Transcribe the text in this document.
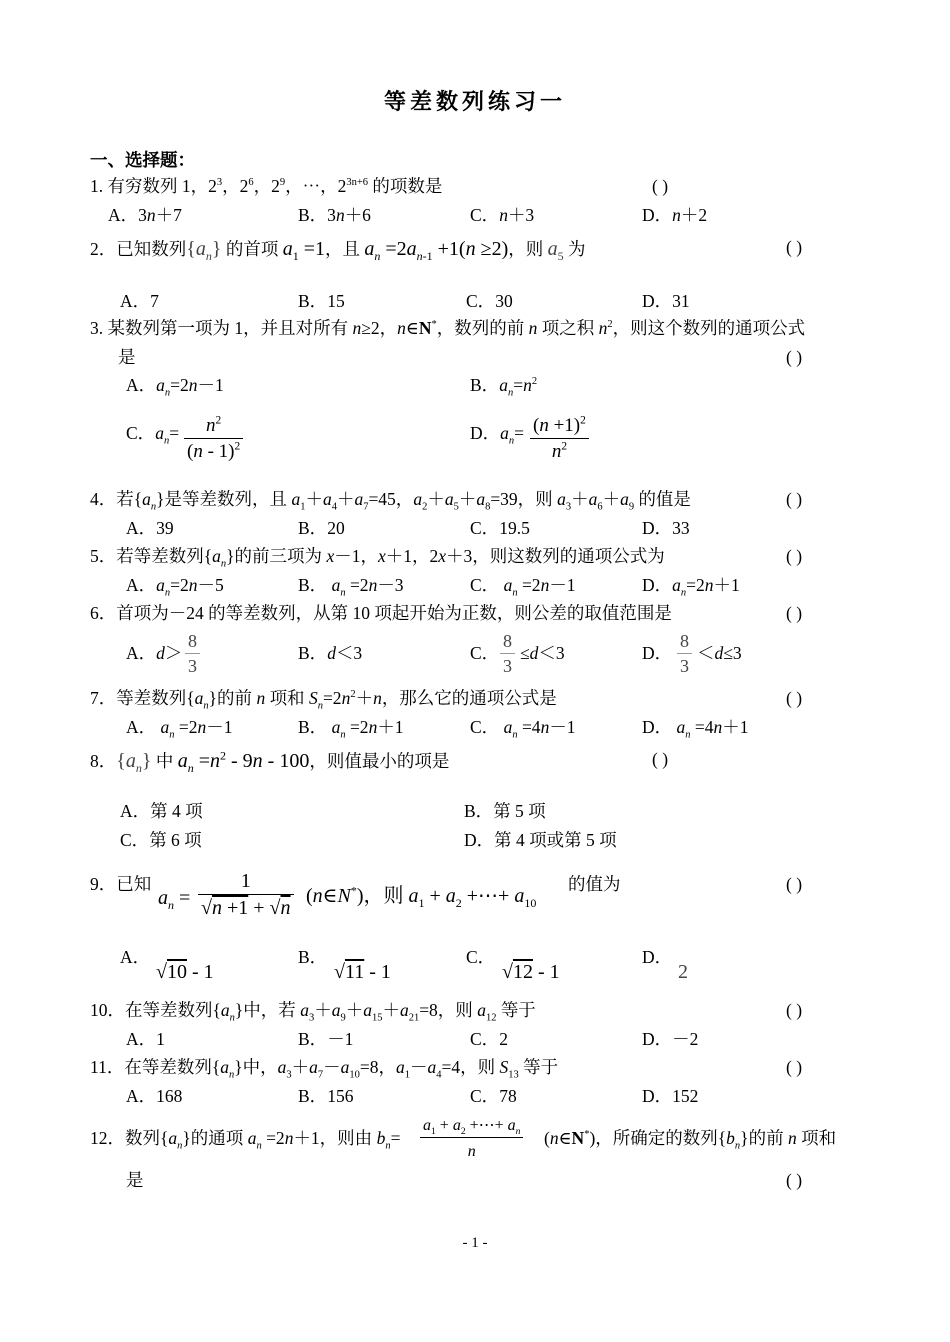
等差数列练习一
一、选择题：
1. 有穷数列 1，$2^3$，$2^6$，$2^9$，⋯，$2^{3n+6}$ 的项数是	( )
A．3n＋7	B．3n＋6	C．n＋3	D．n＋2
2．已知数列$\{a_n\}$ 的首项 $a_1 =1$，且 $a_n =2a_{n-1} +1(n \ge 2)$，则 $a_5$ 为	( )
A．7	B．15	C．30	D．31
3. 某数列第一项为 1，并且对所有 n≥2，n∈N*，数列的前 n 项之积 $n^2$，则这个数列的通项公式
是	( )
A．$a_n=2n-1$	B．$a_n=n^2$
C．$a_n= \frac{n^2}{(n - 1)^2}$	D．$a_n= \frac{(n +1)^2}{n^2}$
4．若$\{a_n\}$是等差数列，且 $a_1+a_4+a_7=45$，$a_2+a_5+a_8=39$，则 $a_3+a_6+a_9$ 的值是	( )
A．39	B．20	C．19.5	D．33
5．若等差数列$\{a_n\}$的前三项为 x－1，x＋1，2x＋3，则这数列的通项公式为	( )
A．$a_n=2n-5$	B． $a_n =2n-3$	C． $a_n =2n-1$	D．$a_n=2n+1$
6．首项为－24 的等差数列，从第 10 项起开始为正数，则公差的取值范围是	( )
A．$d> \frac{8}{3}$	B．d＜3	C． $\frac{8}{3} \le d<3$	D． $\frac{8}{3} <d\le 3$
7．等差数列$\{a_n\}$的前 n 项和 $S_n=2n^2+n$，那么它的通项公式是	( )
A． $a_n =2n-1$	B． $a_n =2n+1$	C． $a_n =4n-1$	D． $a_n =4n+1$
8．$\{a_n\}$ 中 $a_n =n^2 - 9n - 100$，则值最小的项是	( )
A．第 4 项	B．第 5 项
C．第 6 项	D．第 4 项或第 5 项
9．已知
$a_n = \frac{1}{√n +1 + √n}$ (n∈N*)，则 $a_1 + a_2$ +⋯+ $a_{10}$
的值为	( )
A．
√10 - 1
B．
√11 - 1
C．
√12 - 1
D．
2
10．在等差数列$\{a_n\}$中，若 $a_3+a_9+a_{15}+a_{21}=8$，则 $a_{12}$ 等于	( )
A．1	B．－1	C．2	D．－2
11．在等差数列$\{a_n\}$中，$a_3+a_7-a_{10}=8$，$a_1-a_4=4$，则 $S_{13}$ 等于	( )
A．168	B．156	C．78	D．152
12．数列$\{a_n\}$的通项 $a_n =2n+1$，则由 $b_n= \frac{a_1 + a_2 +\cdots+ a_n}{n}$ (n∈N*)，所确定的数列$\{b_n\}$的前 n 项和
是	( )
- 1 -
